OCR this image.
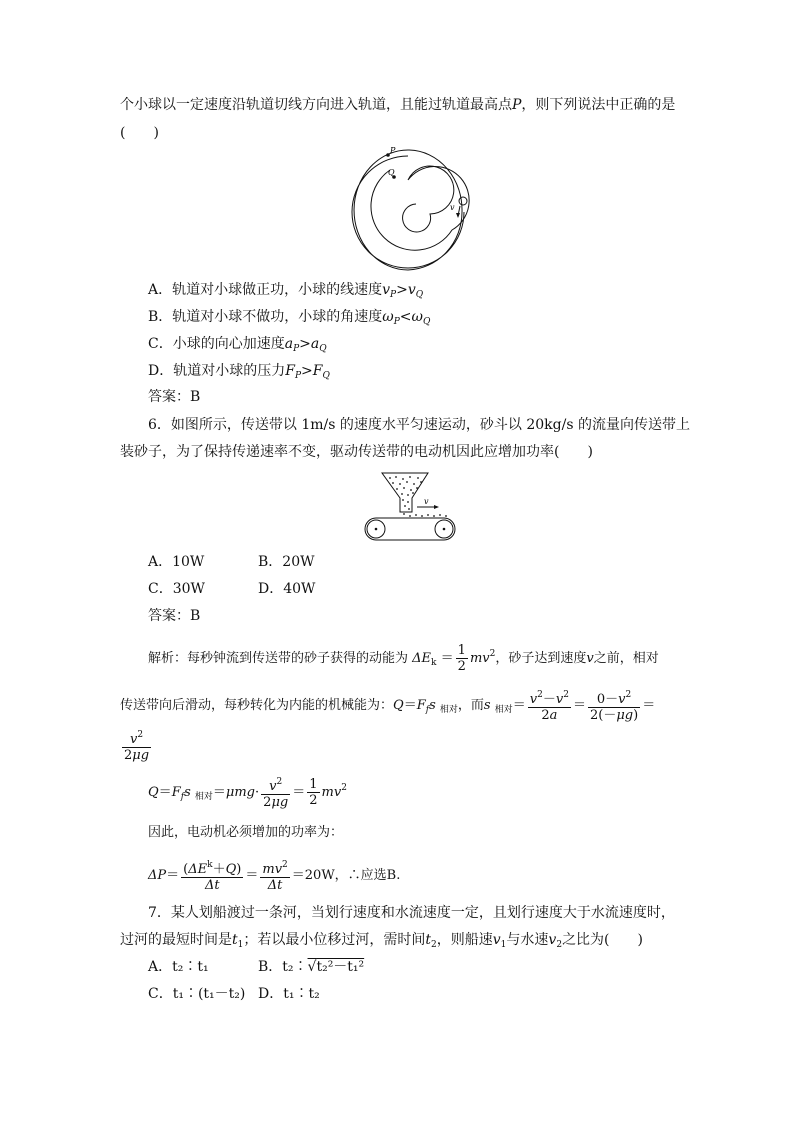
个小球以一定速度沿轨道切线方向进入轨道，且能过轨道最高点P，则下列说法中正确的是
(　　)
P
Q
v
A．轨道对小球做正功，小球的线速度$v_P>v_Q$
B．轨道对小球不做功，小球的角速度$\omega_P<\omega_Q$
C．小球的向心加速度$a_P>a_Q$
D．轨道对小球的压力$F_P>F_Q$
答案：B
6．如图所示，传送带以 1m/s 的速度水平匀速运动，砂斗以 20kg/s 的流量向传送带上
装砂子，为了保持传递速率不变，驱动传送带的电动机因此应增加功率(　　)
v
A．10W	B．20W
C．30W	D．40W
答案：B
解析：每秒钟流到传送带的砂子获得的动能为 $\Delta E_k = \frac{1}{2} mv^2$，砂子达到速度v之前，相对
传送带向后滑动，每秒转化为内能的机械能为：$Q=F_fs$ $_{相对}$，而s $_{相对}= \frac{v^2-v^2}{2a} = \frac{0-v^2}{2(-\mu g)}$ ＝
$\frac{v^2}{2\mu g}$
$Q=F_fs$ $_{相对}=\mu mg\cdot \frac{v^2}{2\mu g} = \frac{1}{2} mv^2$
因此，电动机必须增加的功率为：
$\Delta P= \frac{(\Delta E^k+Q)}{\Delta t} = \frac{mv^2}{\Delta t} =20W$，∴应选B.
7．某人划船渡过一条河，当划行速度和水流速度一定，且划行速度大于水流速度时，
过河的最短时间是$t_1$；若以最小位移过河，需时间$t_2$，则船速$v_1$与水速$v_2$之比为(　　)
A．t₂∶t₁	B．t₂∶√t₂²－t₁²
C．t₁∶(t₁－t₂) D．t₁∶t₂
